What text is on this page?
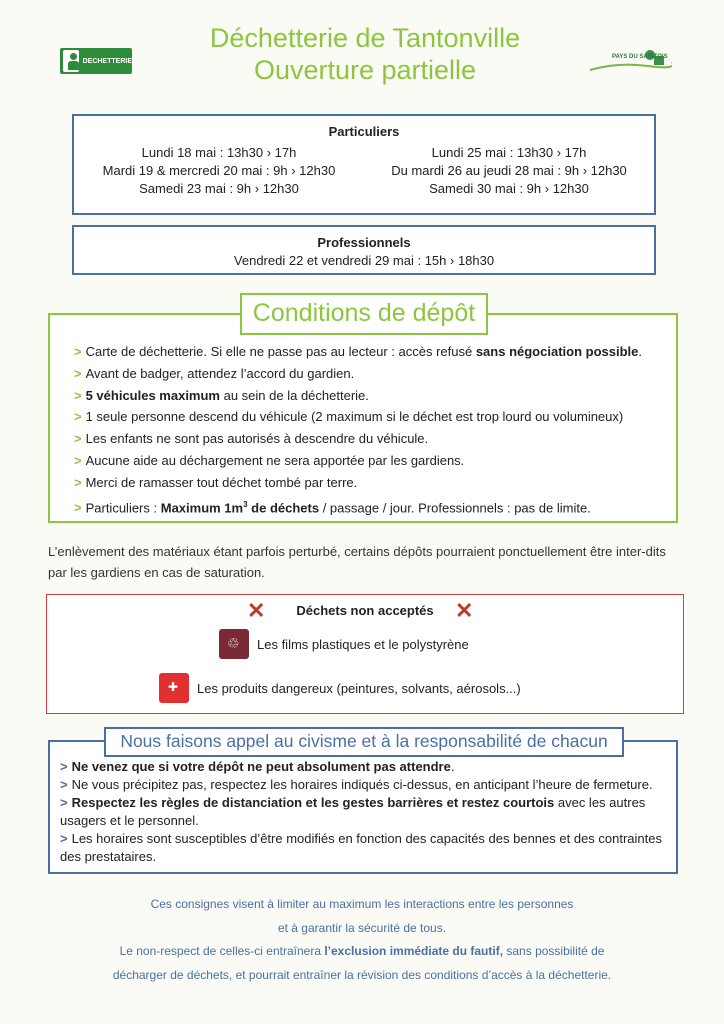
DECHETTERIE
Déchetterie de Tantonville
Ouverture partielle	PAYS DU SAINTOIS
Particuliers
Lundi 18 mai : 13h30 › 17h
Mardi 19 & mercredi 20 mai : 9h › 12h30
Samedi 23 mai : 9h › 12h30
Lundi 25 mai : 13h30 › 17h
Du mardi 26 au jeudi 28 mai : 9h › 12h30
Samedi 30 mai : 9h › 12h30
Professionnels
Vendredi 22 et vendredi 29 mai : 15h › 18h30
> Carte de déchetterie. Si elle ne passe pas au lecteur : accès refusé sans négociation possible.
> Avant de badger, attendez l’accord du gardien.
> 5 véhicules maximum au sein de la déchetterie.
> 1 seule personne descend du véhicule (2 maximum si le déchet est trop lourd ou volumineux)
> Les enfants ne sont pas autorisés à descendre du véhicule.
> Aucune aide au déchargement ne sera apportée par les gardiens.
> Merci de ramasser tout déchet tombé par terre.
> Particuliers : Maximum $1m^3$ de déchets / passage / jour. Professionnels : pas de limite.
Conditions de dépôt
L’enlèvement des matériaux étant parfois perturbé, certains dépôts pourraient ponctuellement être inter-dits par les gardiens en cas de saturation.
✕	Déchets non acceptés ✕
♲
Les films plastiques et le polystyrène
✚
Les produits dangereux (peintures, solvants, aérosols...)

> Ne venez que si votre dépôt ne peut absolument pas attendre.

> Ne vous précipitez pas, respectez les horaires indiqués ci-dessus, en anticipant l’heure de fermeture.

> Respectez les règles de distanciation et les gestes barrières et restez courtois avec les autres usagers et le personnel.

> Les horaires sont susceptibles d’être modifiés en fonction des capacités des bennes et des contraintes des prestataires.

Nous faisons appel au civisme et à la responsabilité de chacun
Ces consignes visent à limiter au maximum les interactions entre les personnes
et à garantir la sécurité de tous.
Le non-respect de celles-ci entraînera l’exclusion immédiate du fautif, sans possibilité de
décharger de déchets, et pourrait entraîner la révision des conditions d’accès à la déchetterie.
